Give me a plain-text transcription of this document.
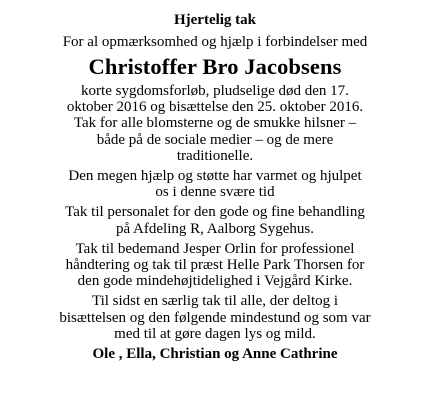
Hjertelig tak
For al opmærksomhed og hjælp i forbindelser med
Christoffer Bro Jacobsens
korte sygdomsforløb, pludselige død den 17.
oktober 2016 og bisættelse den 25. oktober 2016.
Tak for alle blomsterne og de smukke hilsner –
både på de sociale medier – og de mere
traditionelle.
Den megen hjælp og støtte har varmet og hjulpet
os i denne svære tid
Tak til personalet for den gode og fine behandling
på Afdeling R, Aalborg Sygehus.
Tak til bedemand Jesper Orlin for professionel
håndtering og tak til præst Helle Park Thorsen for
den gode mindehøjtidelighed i Vejgård Kirke.
Til sidst en særlig tak til alle, der deltog i
bisættelsen og den følgende mindestund og som var
med til at gøre dagen lys og mild.
Ole , Ella, Christian og Anne Cathrine
